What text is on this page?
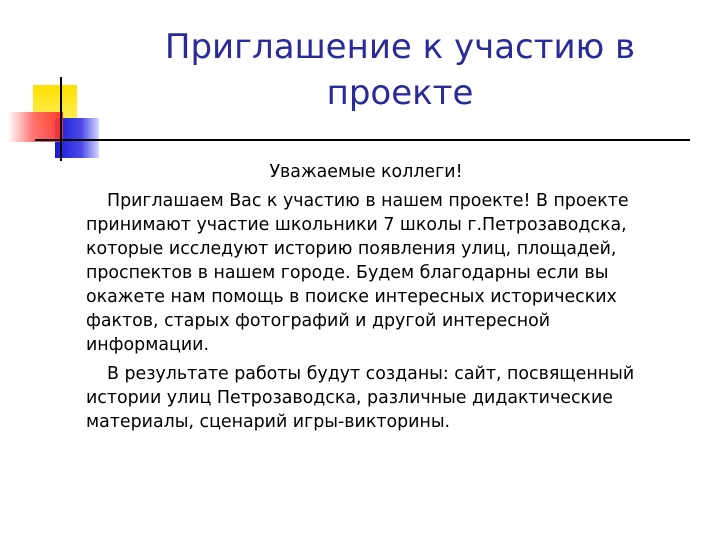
Приглашение к участию в проекте

Уважаемые коллеги!

Приглашаем Вас к участию в нашем проекте! В проекте принимают участие школьники 7 школы г.Петрозаводска, которые исследуют историю появления улиц, площадей, проспектов в нашем городе. Будем благодарны если вы окажете нам помощь в поиске интересных исторических фактов, старых фотографий и другой интересной информации.

В результате работы будут созданы: сайт, посвященный истории улиц Петрозаводска, различные дидактические материалы, сценарий игры-викторины.
